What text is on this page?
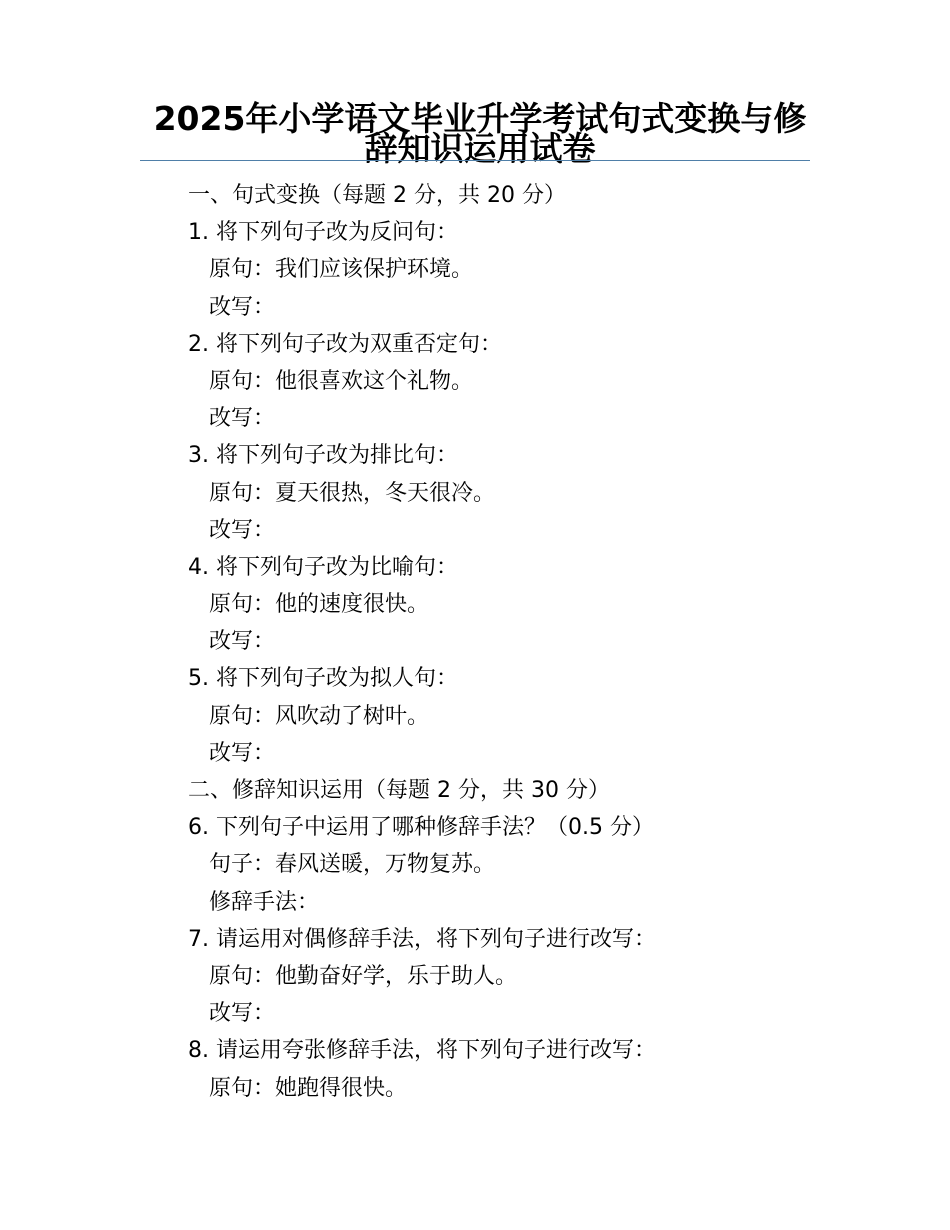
2025年小学语文毕业升学考试句式变换与修辞知识运用试卷
一、句式变换（每题 2 分，共 20 分）
1. 将下列句子改为反问句：
原句：我们应该保护环境。
改写：
2. 将下列句子改为双重否定句：
原句：他很喜欢这个礼物。
改写：
3. 将下列句子改为排比句：
原句：夏天很热，冬天很冷。
改写：
4. 将下列句子改为比喻句：
原句：他的速度很快。
改写：
5. 将下列句子改为拟人句：
原句：风吹动了树叶。
改写：
二、修辞知识运用（每题 2 分，共 30 分）
6. 下列句子中运用了哪种修辞手法？（0.5 分）
句子：春风送暖，万物复苏。
修辞手法：
7. 请运用对偶修辞手法，将下列句子进行改写：
原句：他勤奋好学，乐于助人。
改写：
8. 请运用夸张修辞手法，将下列句子进行改写：
原句：她跑得很快。
